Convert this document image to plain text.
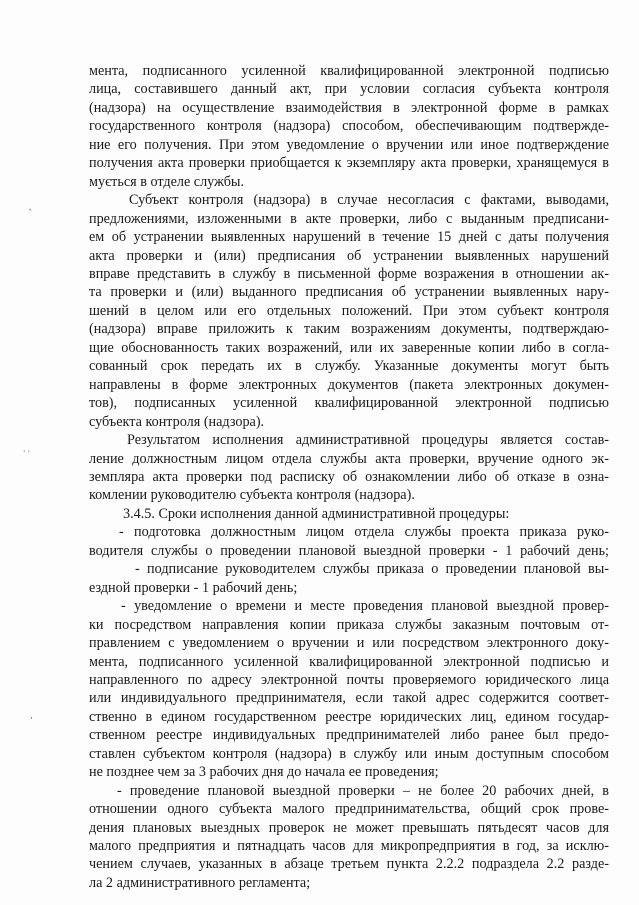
ˆ
᾿᾿
‚
мента, подписанного усиленной квалифицированной электронной подписью
лица, составившего данный акт, при условии согласия субъекта контроля
(надзора) на осуществление взаимодействия в электронной форме в рамках
государственного контроля (надзора) способом, обеспечивающим подтвержде-
ние его получения. При этом уведомление о вручении или иное подтверждение
получения акта проверки приобщается к экземпляру акта проверки, хранящемуся в
мується в отделе службы.
Субъект контроля (надзора) в случае несогласия с фактами, выводами,
предложениями, изложенными в акте проверки, либо с выданным предписани-
ем об устранении выявленных нарушений в течение 15 дней с даты получения
акта проверки и (или) предписания об устранении выявленных нарушений
вправе представить в службу в письменной форме возражения в отношении ак-
та проверки и (или) выданного предписания об устранении выявленных нару-
шений в целом или его отдельных положений. При этом субъект контроля
(надзора) вправе приложить к таким возражениям документы, подтверждаю-
щие обоснованность таких возражений, или их заверенные копии либо в согла-
сованный срок передать их в службу. Указанные документы могут быть
направлены в форме электронных документов (пакета электронных докумен-
тов), подписанных усиленной квалифицированной электронной подписью
субъекта контроля (надзора).
Результатом исполнения административной процедуры является состав-
ление должностным лицом отдела службы акта проверки, вручение одного эк-
земпляра акта проверки под расписку об ознакомлении либо об отказе в озна-
комлении руководителю субъекта контроля (надзора).
3.4.5. Сроки исполнения данной административной процедуры:
- подготовка должностным лицом отдела службы проекта приказа руко-
водителя службы о проведении плановой выездной проверки - 1 рабочий день;
- подписание руководителем службы приказа о проведении плановой вы-
ездной проверки - 1 рабочий день;
- уведомление о времени и месте проведения плановой выездной провер-
ки посредством направления копии приказа службы заказным почтовым от-
правлением с уведомлением о вручении и или посредством электронного доку-
мента, подписанного усиленной квалифицированной электронной подписью и
направленного по адресу электронной почты проверяемого юридического лица
или индивидуального предпринимателя, если такой адрес содержится соответ-
ственно в едином государственном реестре юридических лиц, едином государ-
ственном реестре индивидуальных предпринимателей либо ранее был предо-
ставлен субъектом контроля (надзора) в службу или иным доступным способом
не позднее чем за 3 рабочих дня до начала ее проведения;
- проведение плановой выездной проверки – не более 20 рабочих дней, в
отношении одного субъекта малого предпринимательства, общий срок прове-
дения плановых выездных проверок не может превышать пятьдесят часов для
малого предприятия и пятнадцать часов для микропредприятия в год, за исклю-
чением случаев, указанных в абзаце третьем пункта 2.2.2 подраздела 2.2 разде-
ла 2 административного регламента;
